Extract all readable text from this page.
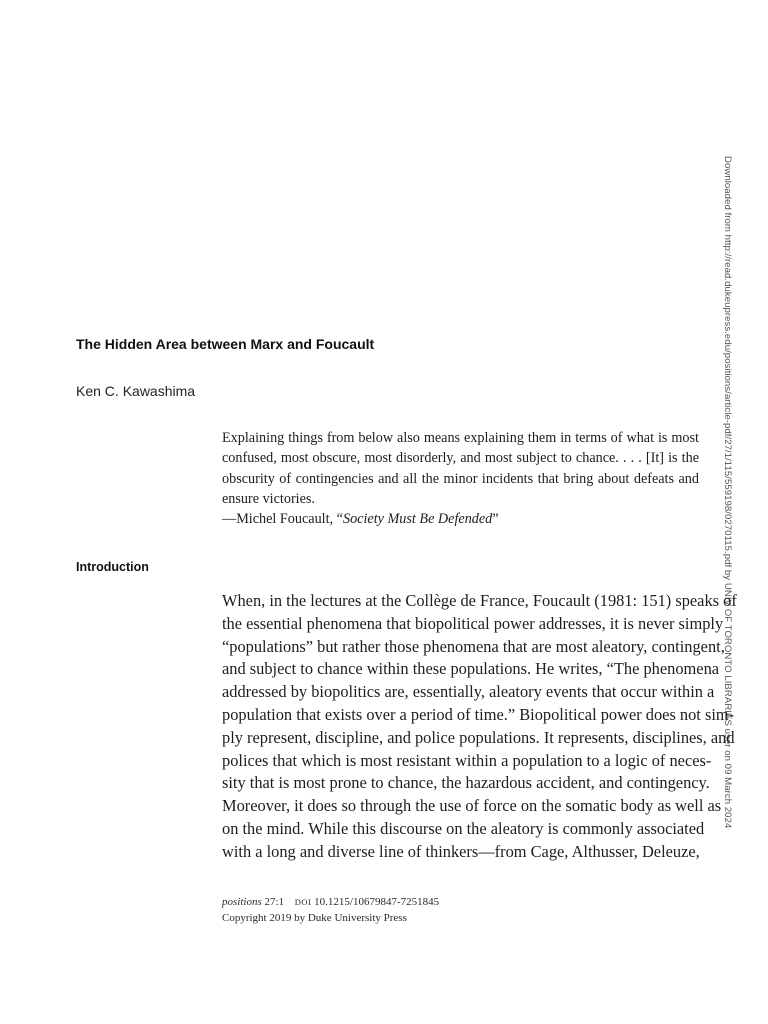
Downloaded from http://read.dukeupress.edu/positions/article-pdf/27/1/115/559198/0270115.pdf by UNIV OF TORONTO LIBRARIES user on 09 March 2024
The Hidden Area between Marx and Foucault
Ken C. Kawashima

Explaining things from below also means explaining them in terms of what is most confused, most obscure, most disorderly, and most subject to chance. . . . [It] is the obscurity of contingencies and all the minor incidents that bring about defeats and ensure victories.

—Michel Foucault, “Society Must Be Defended”

Introduction
When, in the lectures at the Collège de France, Foucault (1981: 151) speaks of
the essential phenomena that biopolitical power addresses, it is never simply
“populations” but rather those phenomena that are most aleatory, contingent,
and subject to chance within these populations. He writes, “The phenomena
addressed by biopolitics are, essentially, aleatory events that occur within a
population that exists over a period of time.” Biopolitical power does not sim-
ply represent, discipline, and police populations. It represents, disciplines, and
polices that which is most resistant within a population to a logic of neces-
sity that is most prone to chance, the hazardous accident, and contingency.
Moreover, it does so through the use of force on the somatic body as well as
on the mind. While this discourse on the aleatory is commonly associated
with a long and diverse line of thinkers—from Cage, Althusser, Deleuze,
positions 27:1 DOI 10.1215/10679847-7251845
Copyright 2019 by Duke University Press
